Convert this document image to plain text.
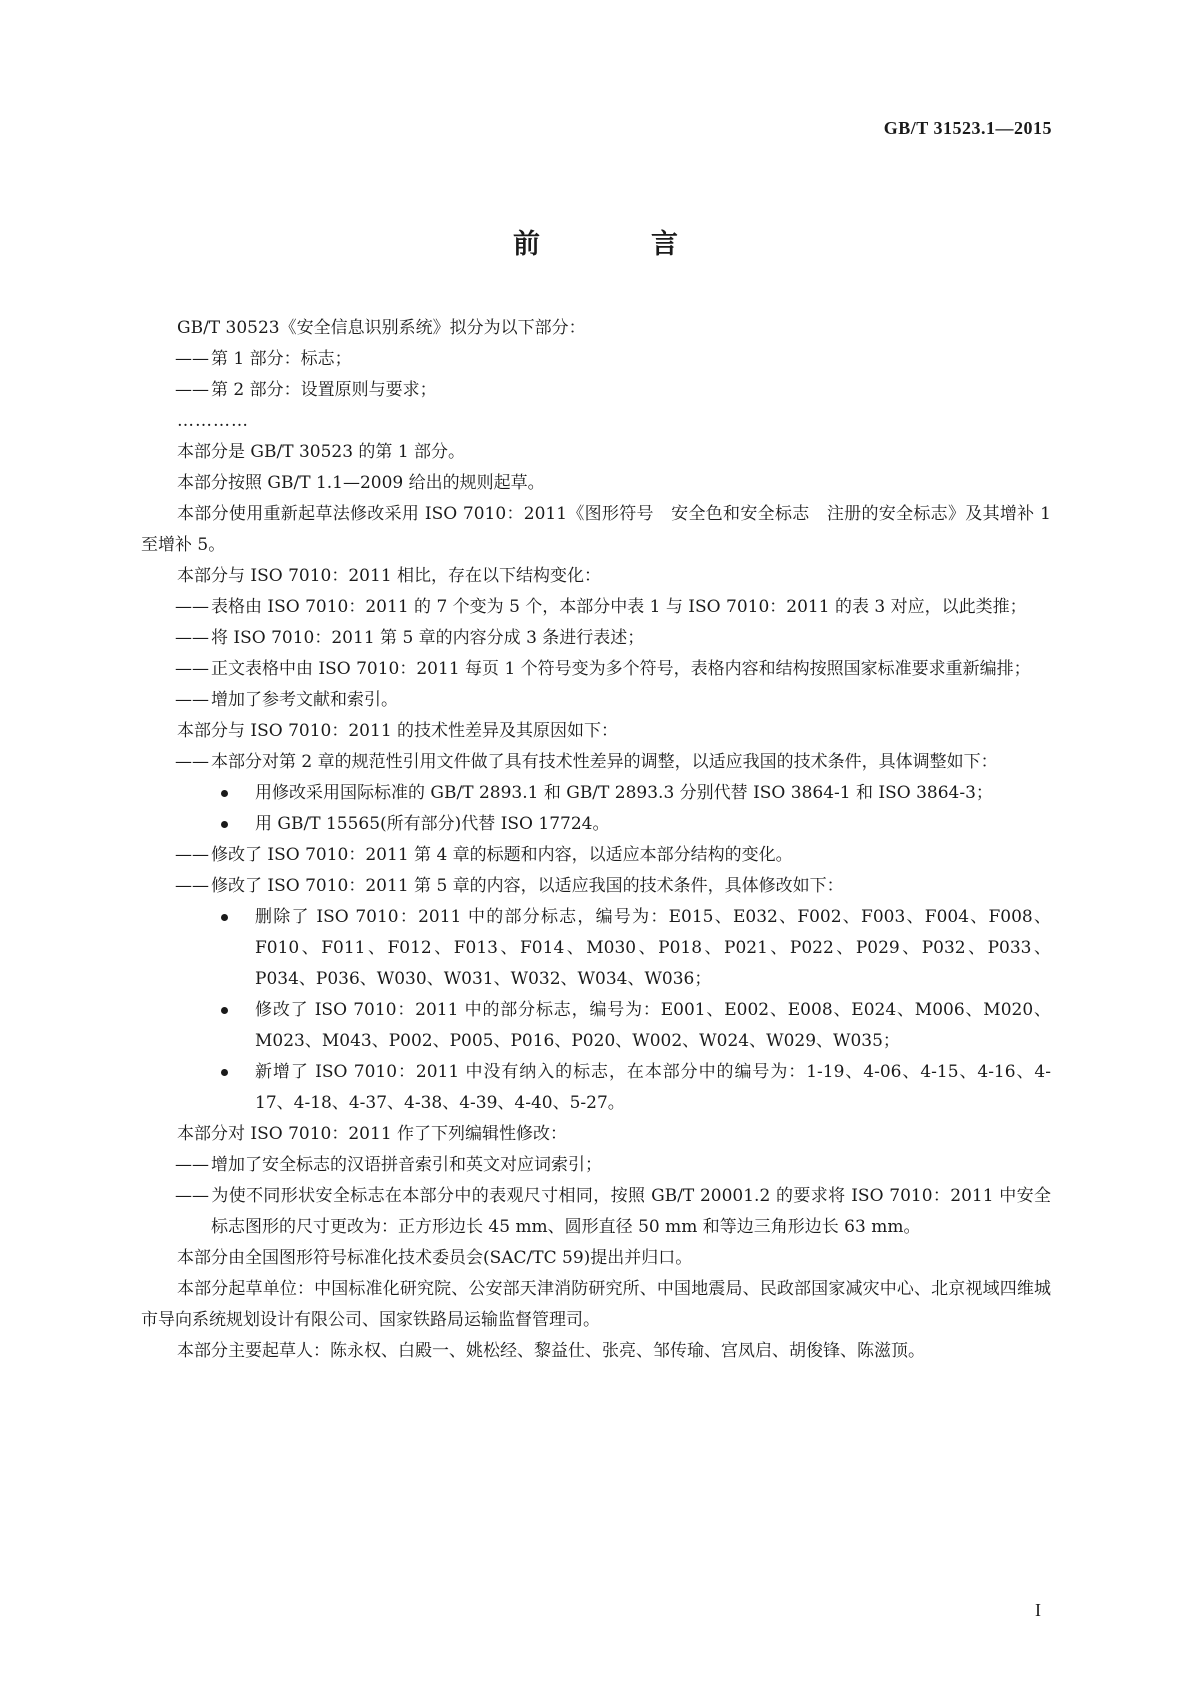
GB/T 31523.1—2015
前　言

GB/T 30523《安全信息识别系统》拟分为以下部分：

—— 第 1 部分：标志；

—— 第 2 部分：设置原则与要求；

…………

本部分是 GB/T 30523 的第 1 部分。

本部分按照 GB/T 1.1—2009 给出的规则起草。

本部分使用重新起草法修改采用 ISO 7010：2011《图形符号　安全色和安全标志　注册的安全标志》及其增补 1 至增补 5。

本部分与 ISO 7010：2011 相比，存在以下结构变化：

—— 表格由 ISO 7010：2011 的 7 个变为 5 个，本部分中表 1 与 ISO 7010：2011 的表 3 对应，以此类推；

—— 将 ISO 7010：2011 第 5 章的内容分成 3 条进行表述；

—— 正文表格中由 ISO 7010：2011 每页 1 个符号变为多个符号，表格内容和结构按照国家标准要求重新编排；

—— 增加了参考文献和索引。

本部分与 ISO 7010：2011 的技术性差异及其原因如下：

—— 本部分对第 2 章的规范性引用文件做了具有技术性差异的调整，以适应我国的技术条件，具体调整如下：

用修改采用国际标准的 GB/T 2893.1 和 GB/T 2893.3 分别代替 ISO 3864-1 和 ISO 3864-3；

用 GB/T 15565(所有部分)代替 ISO 17724。

—— 修改了 ISO 7010：2011 第 4 章的标题和内容，以适应本部分结构的变化。

—— 修改了 ISO 7010：2011 第 5 章的内容，以适应我国的技术条件，具体修改如下：

删除了 ISO 7010：2011 中的部分标志，编号为：E015、E032、F002、F003、F004、F008、F010、F011、F012、F013、F014、M030、P018、P021、P022、P029、P032、P033、P034、P036、W030、W031、W032、W034、W036；

修改了 ISO 7010：2011 中的部分标志，编号为：E001、E002、E008、E024、M006、M020、M023、M043、P002、P005、P016、P020、W002、W024、W029、W035；

新增了 ISO 7010：2011 中没有纳入的标志，在本部分中的编号为：1-19、4-06、4-15、4-16、4-17、4-18、4-37、4-38、4-39、4-40、5-27。

本部分对 ISO 7010：2011 作了下列编辑性修改：

—— 增加了安全标志的汉语拼音索引和英文对应词索引；

—— 为使不同形状安全标志在本部分中的表观尺寸相同，按照 GB/T 20001.2 的要求将 ISO 7010：2011 中安全标志图形的尺寸更改为：正方形边长 45 mm、圆形直径 50 mm 和等边三角形边长 63 mm。

本部分由全国图形符号标准化技术委员会(SAC/TC 59)提出并归口。

本部分起草单位：中国标准化研究院、公安部天津消防研究所、中国地震局、民政部国家减灾中心、北京视域四维城市导向系统规划设计有限公司、国家铁路局运输监督管理司。

本部分主要起草人：陈永权、白殿一、姚松经、黎益仕、张亮、邹传瑜、宫凤启、胡俊锋、陈滋顶。

I
